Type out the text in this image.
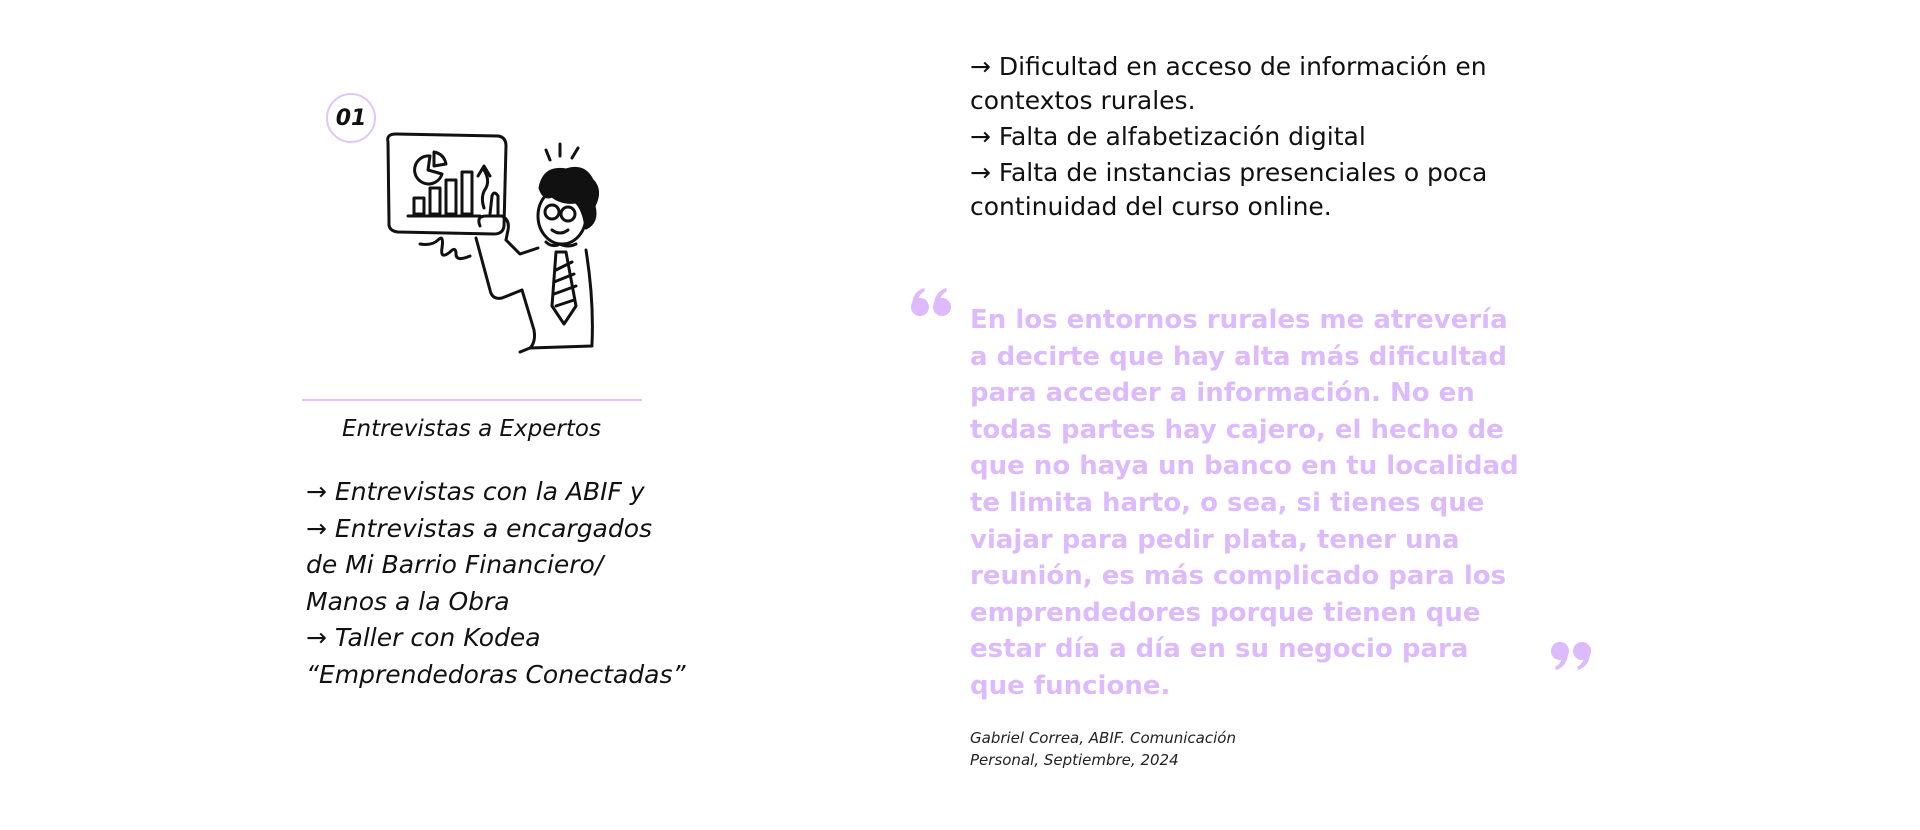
01
Entrevistas a Expertos
→ Entrevistas con la ABIF y
→ Entrevistas a encargados
de Mi Barrio Financiero/
Manos a la Obra
→ Taller con Kodea
“Emprendedoras Conectadas”
→ Dificultad en acceso de información en contextos rurales.
→ Falta de alfabetización digital
→ Falta de instancias presenciales o poca continuidad del curso online.
En los entornos rurales me atrevería a decirte que hay alta más dificultad para acceder a información. No en todas partes hay cajero, el hecho de que no haya un banco en tu localidad te limita harto, o sea, si tienes que viajar para pedir plata, tener una reunión, es más complicado para los emprendedores porque tienen que estar día a día en su negocio para que funcione.
Gabriel Correa, ABIF. Comunicación
Personal, Septiembre, 2024
